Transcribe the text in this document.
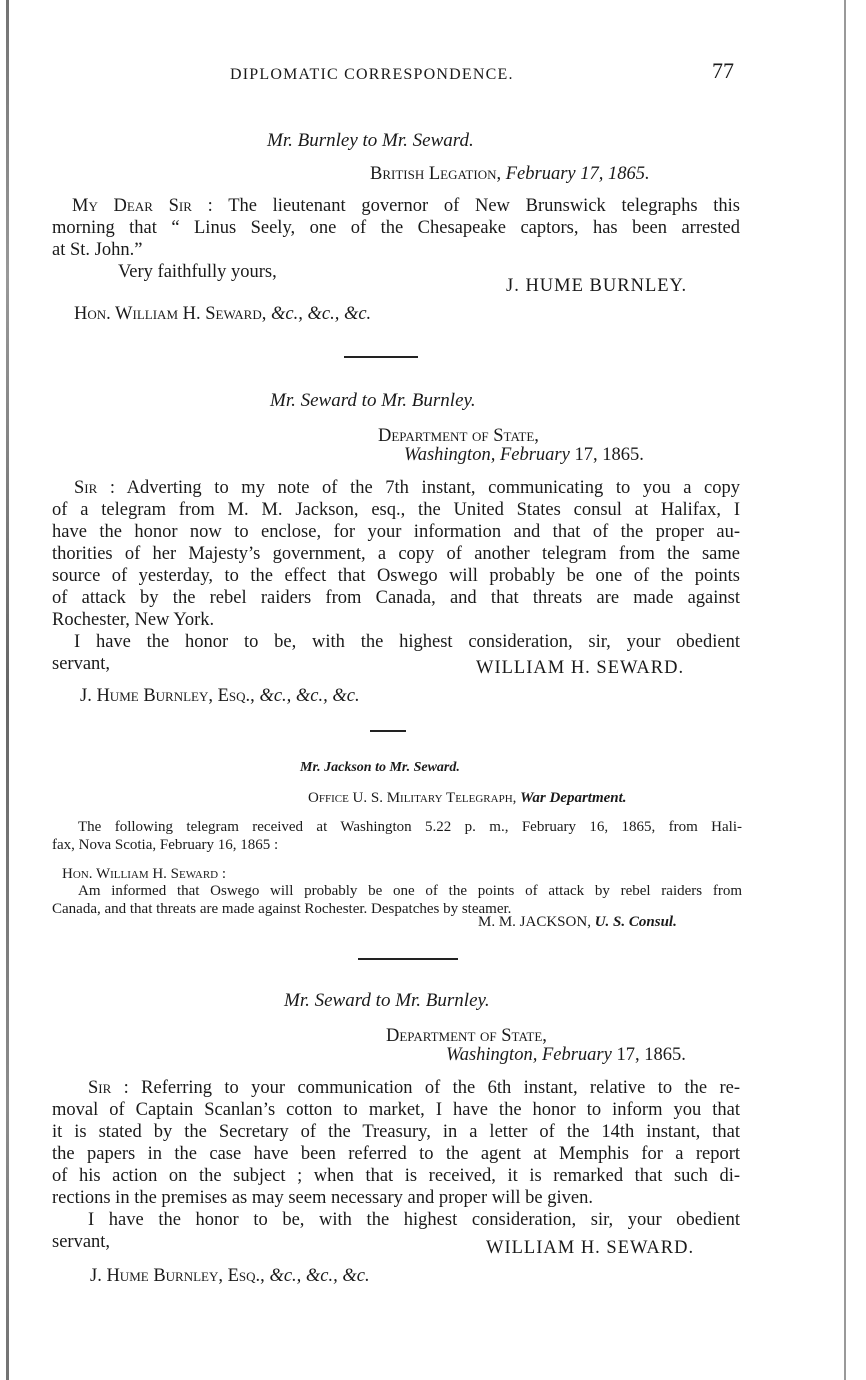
DIPLOMATIC CORRESPONDENCE.	77
Mr. Burnley to Mr. Seward.
British Legation, February 17, 1865.
My Dear Sir : The lieutenant governor of New Brunswick telegraphs this
morning that “ Linus Seely, one of the Chesapeake captors, has been arrested
at St. John.”
Very faithfully yours,
J. HUME BURNLEY.
Hon. William H. Seward, &c., &c., &c.
Mr. Seward to Mr. Burnley.
Department of State,
Washington, February 17, 1865.
Sir : Adverting to my note of the 7th instant, communicating to you a copy
of a telegram from M. M. Jackson, esq., the United States consul at Halifax, I
have the honor now to enclose, for your information and that of the proper au-
thorities of her Majesty’s government, a copy of another telegram from the same
source of yesterday, to the effect that Oswego will probably be one of the points
of attack by the rebel raiders from Canada, and that threats are made against
Rochester, New York.
I have the honor to be, with the highest consideration, sir, your obedient
servant,	WILLIAM H. SEWARD.
J. Hume Burnley, Esq., &c., &c., &c.
Mr. Jackson to Mr. Seward.
Office U. S. Military Telegraph, War Department.
The following telegram received at Washington 5.22 p. m., February 16, 1865, from Hali-
fax, Nova Scotia, February 16, 1865 :
Hon. William H. Seward :
Am informed that Oswego will probably be one of the points of attack by rebel raiders from
Canada, and that threats are made against Rochester. Despatches by steamer.
M. M. JACKSON, U. S. Consul.
Mr. Seward to Mr. Burnley.
Department of State,
Washington, February 17, 1865.
Sir : Referring to your communication of the 6th instant, relative to the re-
moval of Captain Scanlan’s cotton to market, I have the honor to inform you that
it is stated by the Secretary of the Treasury, in a letter of the 14th instant, that
the papers in the case have been referred to the agent at Memphis for a report
of his action on the subject ; when that is received, it is remarked that such di-
rections in the premises as may seem necessary and proper will be given.
I have the honor to be, with the highest consideration, sir, your obedient
servant,	WILLIAM H. SEWARD.
J. Hume Burnley, Esq., &c., &c., &c.
